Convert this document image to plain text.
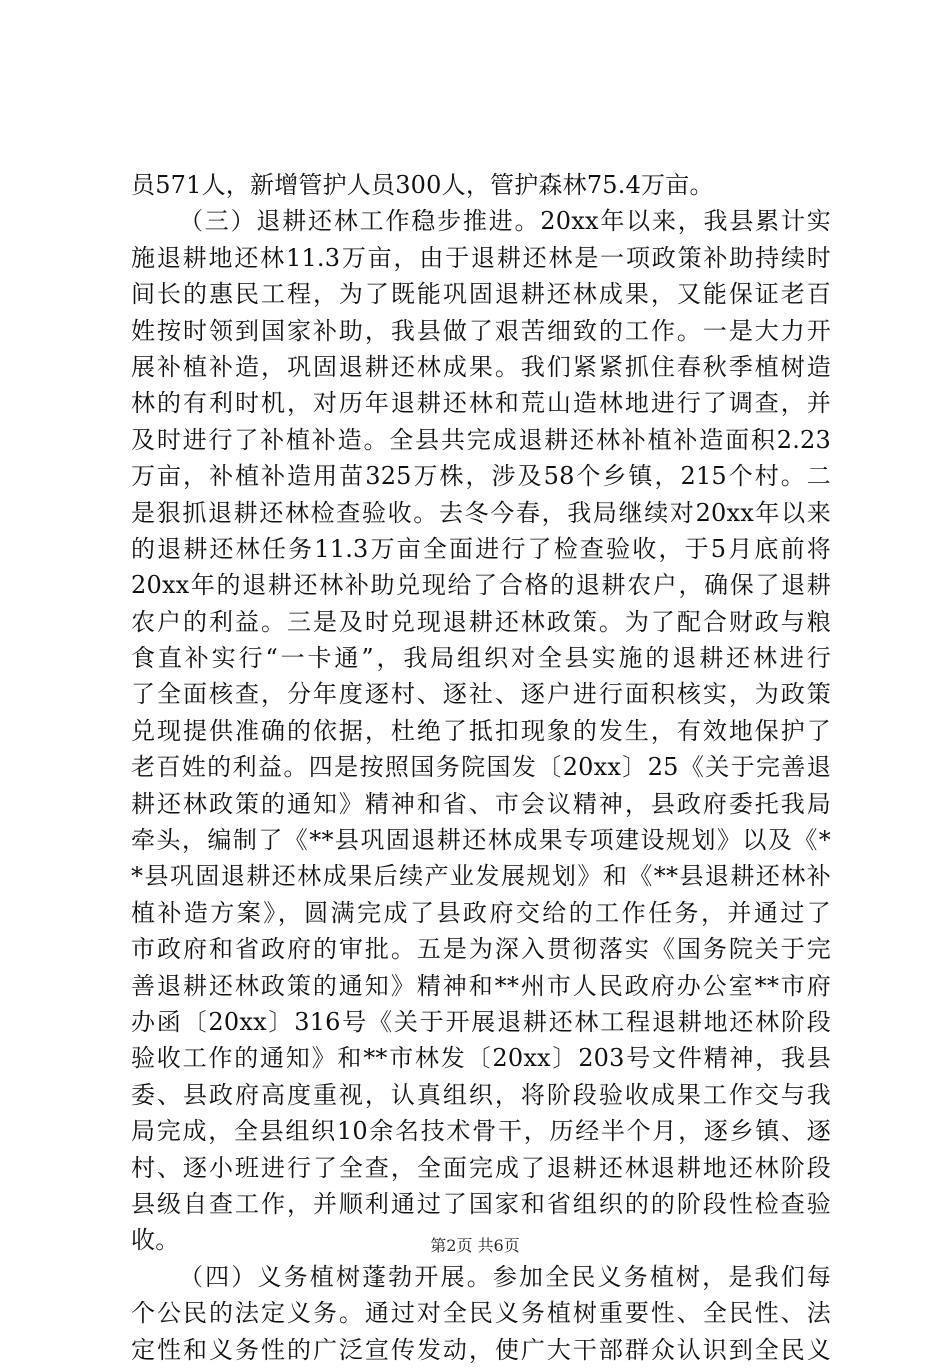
员571人，新增管护人员300人，管护森林75.4万亩。
（三）退耕还林工作稳步推进。20xx年以来，我县累计实
施退耕地还林11.3万亩，由于退耕还林是一项政策补助持续时
间长的惠民工程，为了既能巩固退耕还林成果，又能保证老百
姓按时领到国家补助，我县做了艰苦细致的工作。一是大力开
展补植补造，巩固退耕还林成果。我们紧紧抓住春秋季植树造
林的有利时机，对历年退耕还林和荒山造林地进行了调查，并
及时进行了补植补造。全县共完成退耕还林补植补造面积2.23
万亩，补植补造用苗325万株，涉及58个乡镇，215个村。二
是狠抓退耕还林检查验收。去冬今春，我局继续对20xx年以来
的退耕还林任务11.3万亩全面进行了检查验收，于5月底前将
20xx年的退耕还林补助兑现给了合格的退耕农户，确保了退耕
农户的利益。三是及时兑现退耕还林政策。为了配合财政与粮
食直补实行“一卡通”，我局组织对全县实施的退耕还林进行
了全面核查，分年度逐村、逐社、逐户进行面积核实，为政策
兑现提供准确的依据，杜绝了抵扣现象的发生，有效地保护了
老百姓的利益。四是按照国务院国发〔20xx〕25《关于完善退
耕还林政策的通知》精神和省、市会议精神，县政府委托我局
牵头，编制了《**县巩固退耕还林成果专项建设规划》以及《*
*县巩固退耕还林成果后续产业发展规划》和《**县退耕还林补
植补造方案》，圆满完成了县政府交给的工作任务，并通过了
市政府和省政府的审批。五是为深入贯彻落实《国务院关于完
善退耕还林政策的通知》精神和**州市人民政府办公室**市府
办函〔20xx〕316号《关于开展退耕还林工程退耕地还林阶段
验收工作的通知》和**市林发〔20xx〕203号文件精神，我县
委、县政府高度重视，认真组织，将阶段验收成果工作交与我
局完成，全县组织10余名技术骨干，历经半个月，逐乡镇、逐
村、逐小班进行了全查，全面完成了退耕还林退耕地还林阶段
县级自查工作，并顺利通过了国家和省组织的的阶段性检查验
收。
（四）义务植树蓬勃开展。参加全民义务植树，是我们每
个公民的法定义务。通过对全民义务植树重要性、全民性、法
定性和义务性的广泛宣传发动，使广大干部群众认识到全民义
第2页 共6页
